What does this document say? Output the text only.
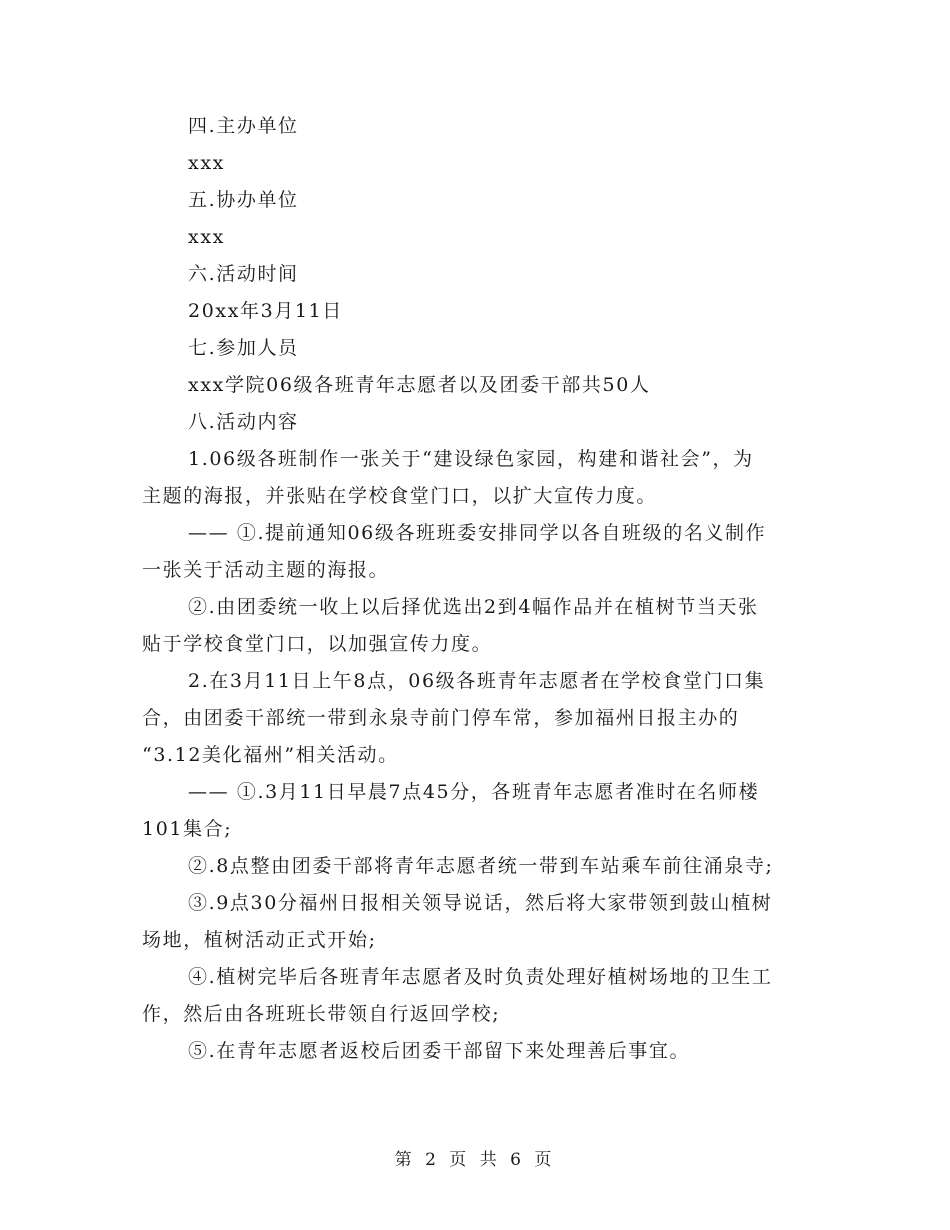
四.主办单位
xxx
五.协办单位
xxx
六.活动时间
20xx年3月11日
七.参加人员
xxx学院06级各班青年志愿者以及团委干部共50人
八.活动内容
1.06级各班制作一张关于“建设绿色家园，构建和谐社会”，为
主题的海报，并张贴在学校食堂门口，以扩大宣传力度。
—— ①.提前通知06级各班班委安排同学以各自班级的名义制作
一张关于活动主题的海报。
②.由团委统一收上以后择优选出2到4幅作品并在植树节当天张
贴于学校食堂门口，以加强宣传力度。
2.在3月11日上午8点，06级各班青年志愿者在学校食堂门口集
合，由团委干部统一带到永泉寺前门停车常，参加福州日报主办的
“3.12美化福州”相关活动。
—— ①.3月11日早晨7点45分，各班青年志愿者准时在名师楼
101集合;
②.8点整由团委干部将青年志愿者统一带到车站乘车前往涌泉寺;
③.9点30分福州日报相关领导说话，然后将大家带领到鼓山植树
场地，植树活动正式开始;
④.植树完毕后各班青年志愿者及时负责处理好植树场地的卫生工
作，然后由各班班长带领自行返回学校;
⑤.在青年志愿者返校后团委干部留下来处理善后事宜。
第 2 页 共 6 页
